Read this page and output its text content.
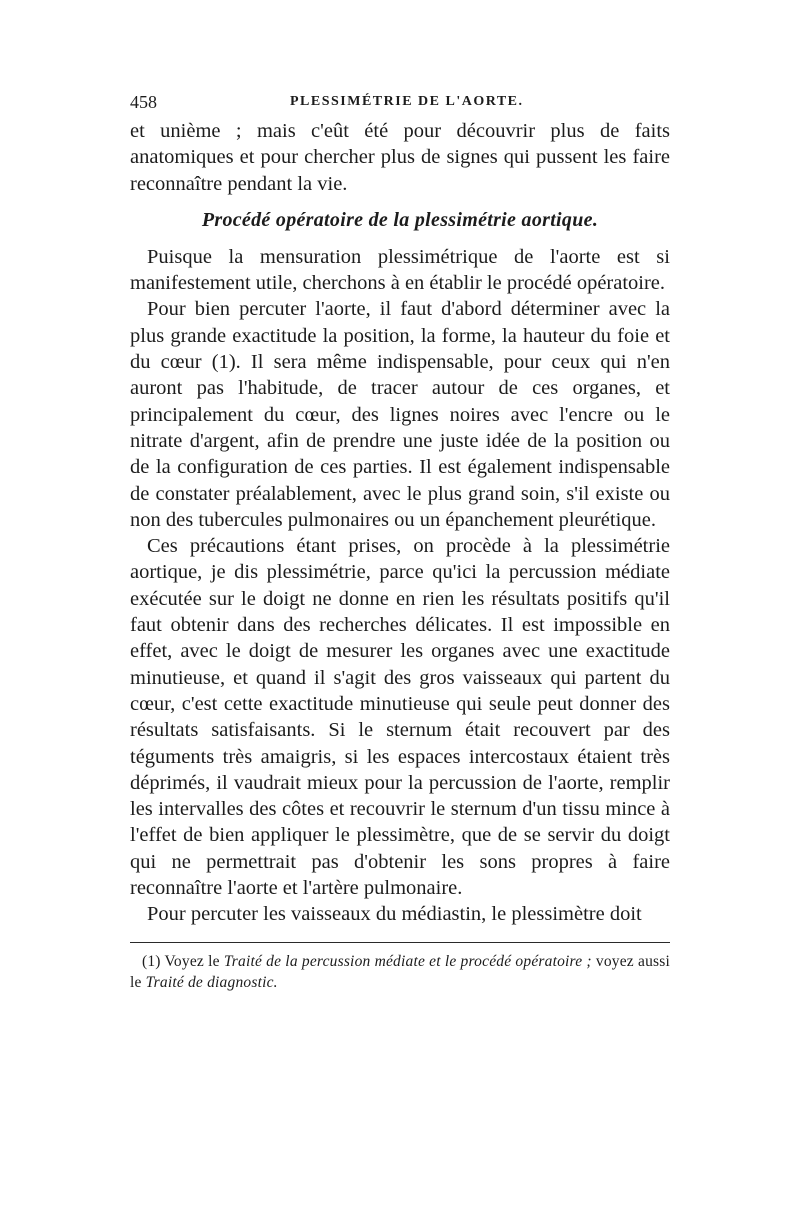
458	PLESSIMÉTRIE DE L'AORTE.

et unième ; mais c'eût été pour découvrir plus de faits anatomiques et pour chercher plus de signes qui pussent les faire reconnaître pendant la vie.

Procédé opératoire de la plessimétrie aortique.

Puisque la mensuration plessimétrique de l'aorte est si manifestement utile, cherchons à en établir le procédé opératoire.

Pour bien percuter l'aorte, il faut d'abord déterminer avec la plus grande exactitude la position, la forme, la hauteur du foie et du cœur (1). Il sera même indispensable, pour ceux qui n'en auront pas l'habitude, de tracer autour de ces organes, et principalement du cœur, des lignes noires avec l'encre ou le nitrate d'argent, afin de prendre une juste idée de la position ou de la configuration de ces parties. Il est également indispensable de constater préalablement, avec le plus grand soin, s'il existe ou non des tubercules pulmonaires ou un épanchement pleurétique.

Ces précautions étant prises, on procède à la plessimétrie aortique, je dis plessimétrie, parce qu'ici la percussion médiate exécutée sur le doigt ne donne en rien les résultats positifs qu'il faut obtenir dans des recherches délicates. Il est impossible en effet, avec le doigt de mesurer les organes avec une exactitude minutieuse, et quand il s'agit des gros vaisseaux qui partent du cœur, c'est cette exactitude minutieuse qui seule peut donner des résultats satisfaisants. Si le sternum était recouvert par des téguments très amaigris, si les espaces intercostaux étaient très déprimés, il vaudrait mieux pour la percussion de l'aorte, remplir les intervalles des côtes et recouvrir le sternum d'un tissu mince à l'effet de bien appliquer le plessimètre, que de se servir du doigt qui ne permettrait pas d'obtenir les sons propres à faire reconnaître l'aorte et l'artère pulmonaire.

Pour percuter les vaisseaux du médiastin, le plessimètre doit

(1) Voyez le Traité de la percussion médiate et le procédé opératoire ; voyez aussi le Traité de diagnostic.
